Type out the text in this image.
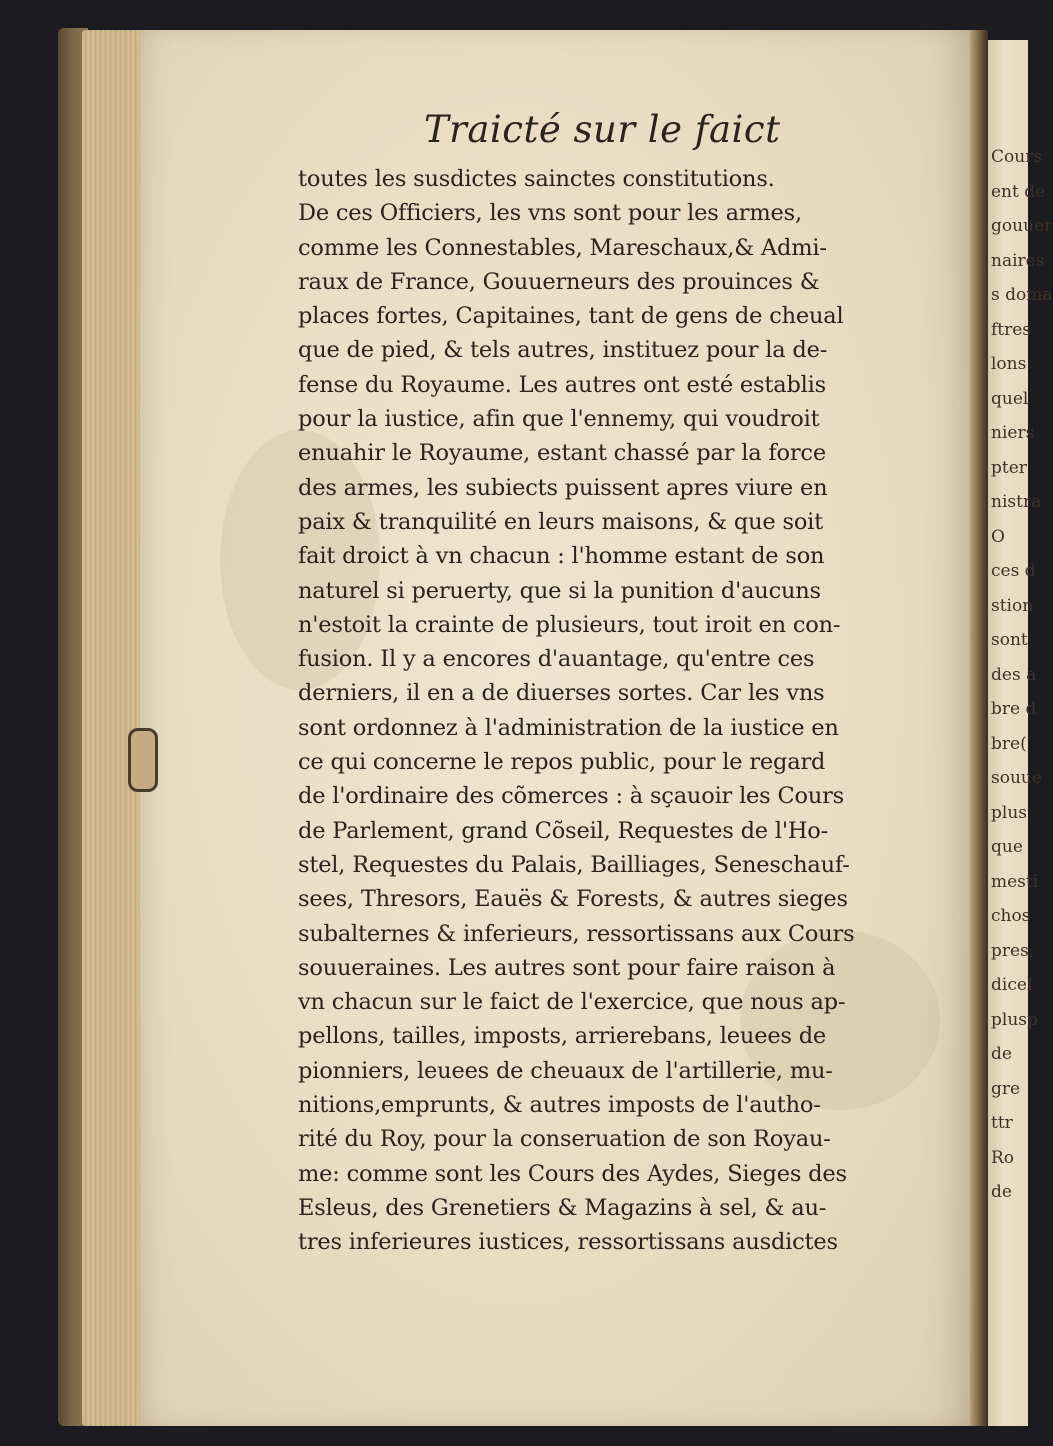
Cours
ent de
gouuer
naires
s doma
ftres
lons
quel
niers
pter
nistra
O
ces d
stion
sont
des a
bre d
bre(
souue
plus
que
mesti
chos
pres,
dicel
plusp
de
gre
ttr
Ro
de
Traicté sur le faict
toutes les susdictes sainctes constitutions.
De ces Officiers, les vns sont pour les armes,
comme les Connestables, Mareschaux,& Admi-
raux de France, Gouuerneurs des prouinces &
places fortes, Capitaines, tant de gens de cheual
que de pied, & tels autres, instituez pour la de-
fense du Royaume. Les autres ont esté establis
pour la iustice, afin que l'ennemy, qui voudroit
enuahir le Royaume, estant chassé par la force
des armes, les subiects puissent apres viure en
paix & tranquilité en leurs maisons, & que soit
fait droict à vn chacun : l'homme estant de son
naturel si peruerty, que si la punition d'aucuns
n'estoit la crainte de plusieurs, tout iroit en con-
fusion. Il y a encores d'auantage, qu'entre ces
derniers, il en a de diuerses sortes. Car les vns
sont ordonnez à l'administration de la iustice en
ce qui concerne le repos public, pour le regard
de l'ordinaire des cõmerces : à sçauoir les Cours
de Parlement, grand Cõseil, Requestes de l'Ho-
stel, Requestes du Palais, Bailliages, Seneschauf-
sees, Thresors, Eauës & Forests, & autres sieges
subalternes & inferieurs, ressortissans aux Cours
souueraines. Les autres sont pour faire raison à
vn chacun sur le faict de l'exercice, que nous ap-
pellons, tailles, imposts, arrierebans, leuees de
pionniers, leuees de cheuaux de l'artillerie, mu-
nitions,emprunts, & autres imposts de l'autho-
rité du Roy, pour la conseruation de son Royau-
me: comme sont les Cours des Aydes, Sieges des
Esleus, des Grenetiers & Magazins à sel, & au-
tres inferieures iustices, ressortissans ausdictes
